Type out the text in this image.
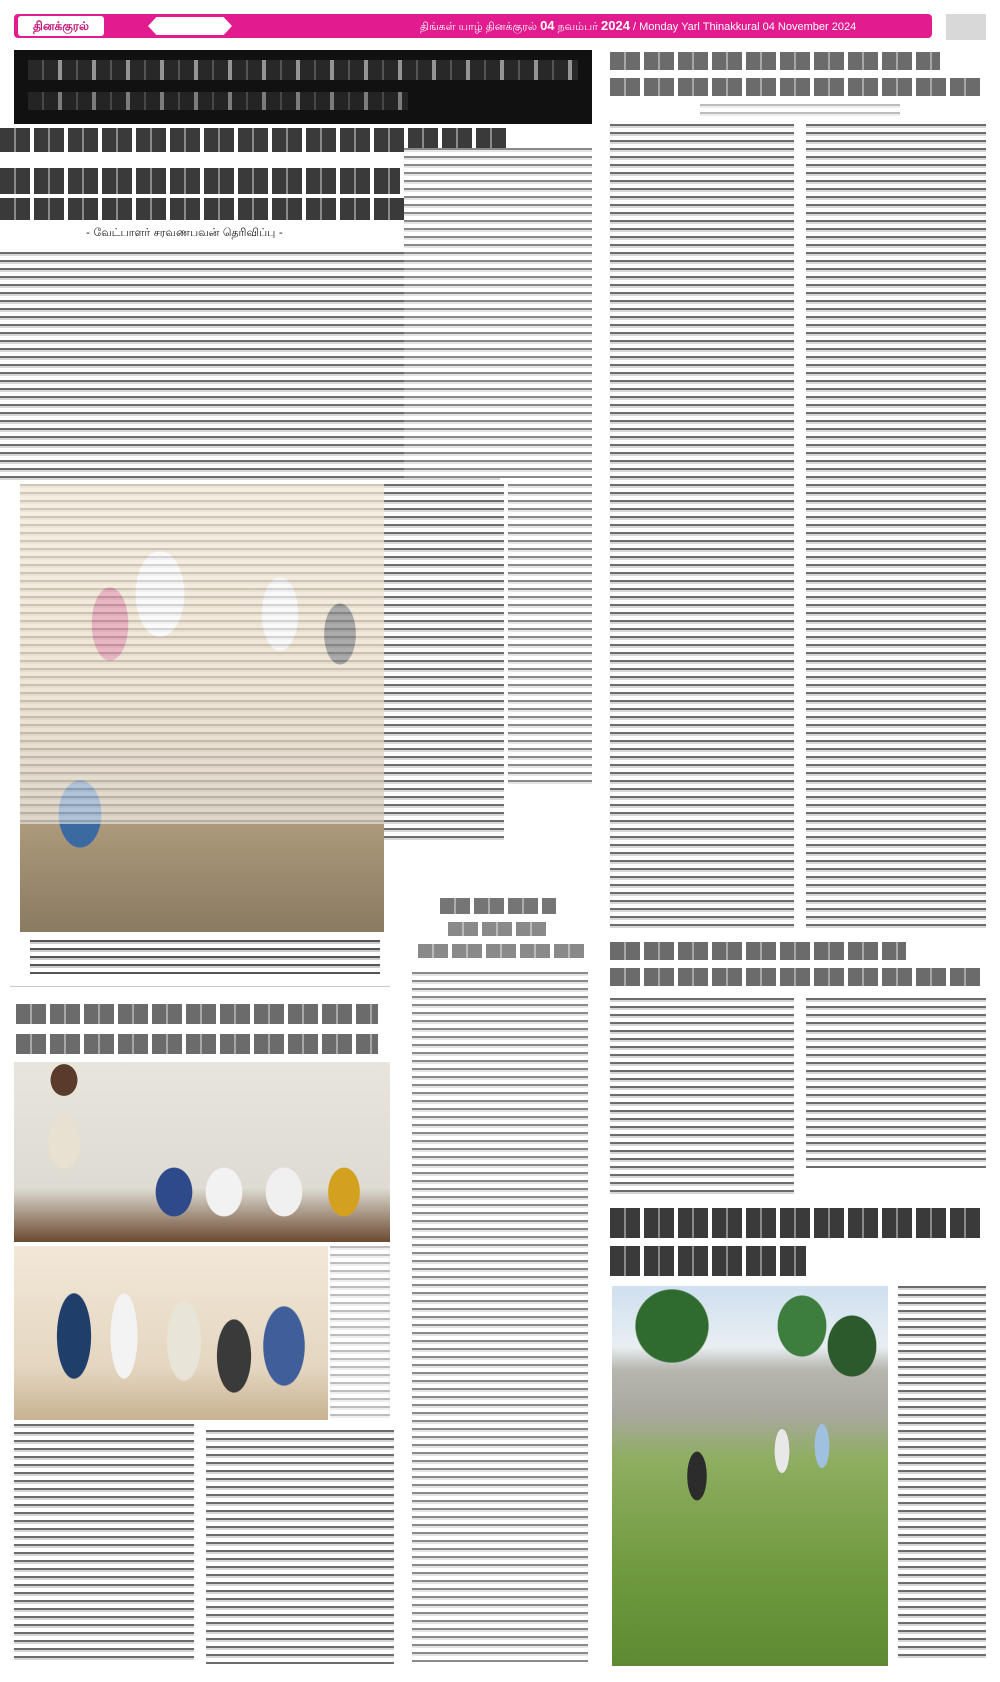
தினக்குரல்	திங்கள் யாழ் தினக்குரல் 04 நவம்பர் 2024 / Monday Yarl Thinakkural 04 November 2024
- வேட்பாளர் சரவணபவன் தெரிவிப்பு -
